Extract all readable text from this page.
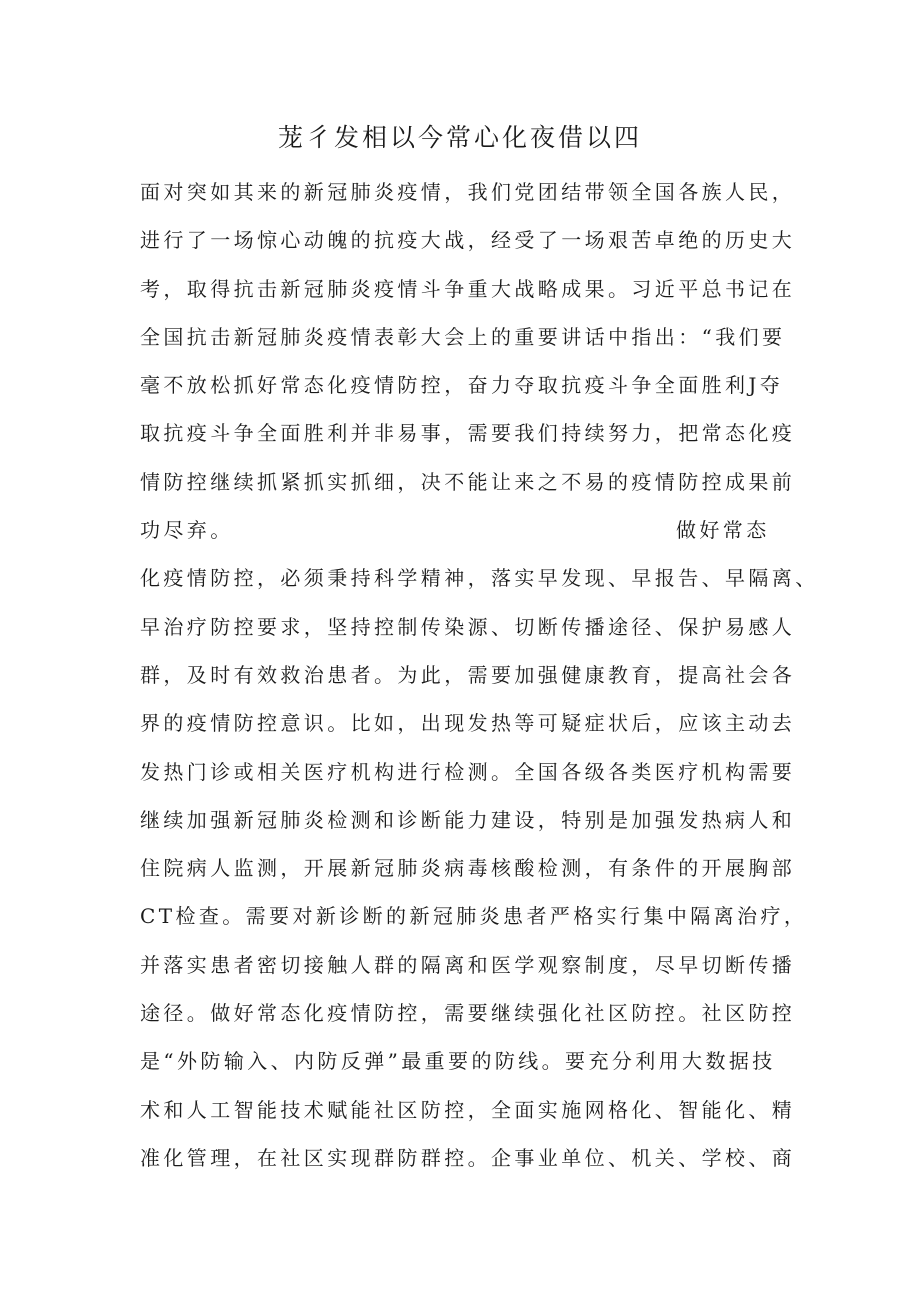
茏彳发相以今常心化夜借以四
面对突如其来的新冠肺炎疫情，我们党团结带领全国各族人民，
进行了一场惊心动魄的抗疫大战，经受了一场艰苦卓绝的历史大
考，取得抗击新冠肺炎疫情斗争重大战略成果。习近平总书记在
全国抗击新冠肺炎疫情表彰大会上的重要讲话中指出：“我们要
毫不放松抓好常态化疫情防控，奋力夺取抗疫斗争全面胜利J夺
取抗疫斗争全面胜利并非易事，需要我们持续努力，把常态化疫
情防控继续抓紧抓实抓细，决不能让来之不易的疫情防控成果前
功尽弃。	做好常态
化疫情防控，必须秉持科学精神，落实早发现、早报告、早隔离、
早治疗防控要求，坚持控制传染源、切断传播途径、保护易感人
群，及时有效救治患者。为此，需要加强健康教育，提高社会各
界的疫情防控意识。比如，出现发热等可疑症状后，应该主动去
发热门诊或相关医疗机构进行检测。全国各级各类医疗机构需要
继续加强新冠肺炎检测和诊断能力建设，特别是加强发热病人和
住院病人监测，开展新冠肺炎病毒核酸检测，有条件的开展胸部
CT检查。需要对新诊断的新冠肺炎患者严格实行集中隔离治疗，
并落实患者密切接触人群的隔离和医学观察制度，尽早切断传播
途径。做好常态化疫情防控，需要继续强化社区防控。社区防控
是“外防输入、内防反弹”最重要的防线。要充分利用大数据技
术和人工智能技术赋能社区防控，全面实施网格化、智能化、精
准化管理，在社区实现群防群控。企事业单位、机关、学校、商
